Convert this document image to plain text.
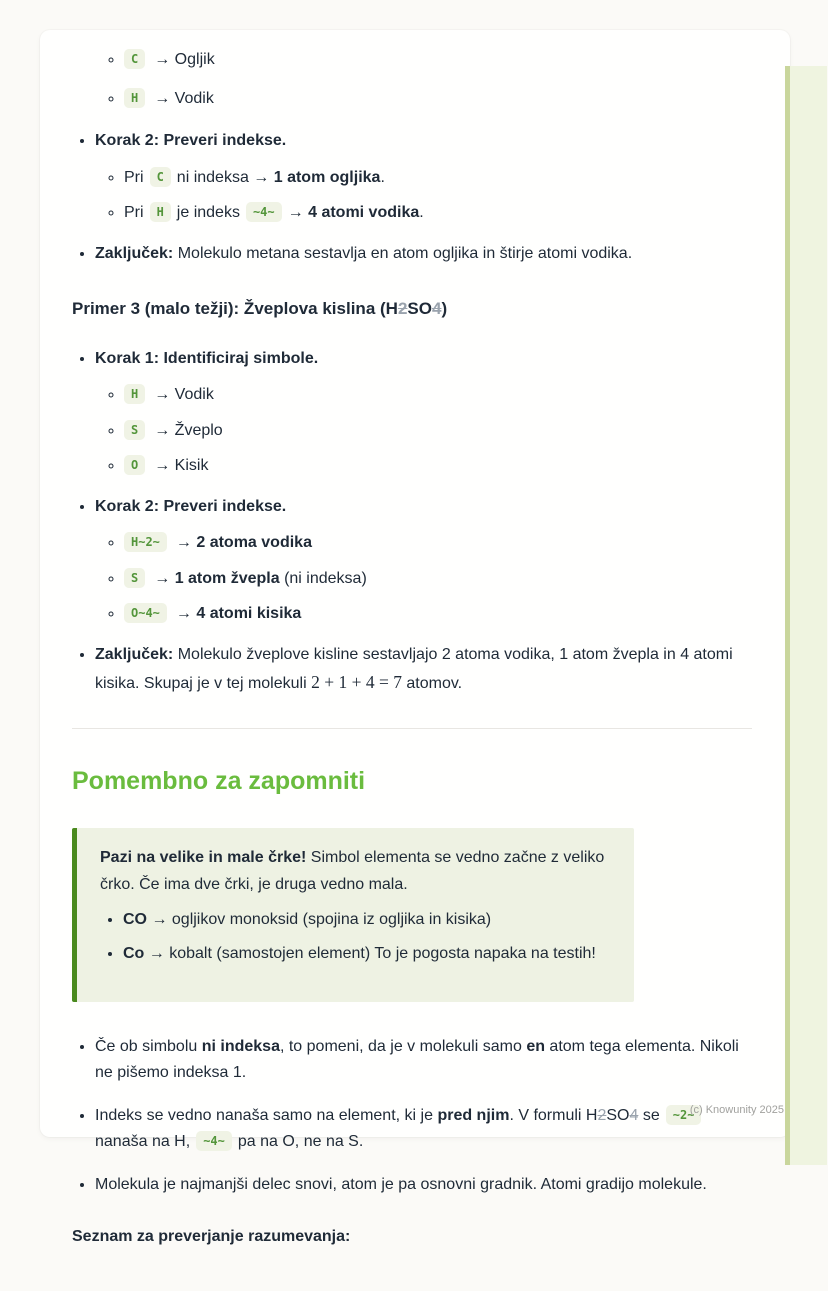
◦ C → Ogljik
◦ H → Vodik
• Korak 2: Preveri indekse.
◦ Pri C ni indeksa → 1 atom ogljika.
◦ Pri H je indeks ~4~ → 4 atomi vodika.
• Zaključek: Molekulo metana sestavlja en atom ogljika in štirje atomi vodika.
Primer 3 (malo težji): Žveplova kislina (H2SO4)
• Korak 1: Identificiraj simbole.
◦ H → Vodik
◦ S → Žveplo
◦ O → Kisik
• Korak 2: Preveri indekse.
◦ H~2~ → 2 atoma vodika
◦ S → 1 atom žvepla (ni indeksa)
◦ O~4~ → 4 atomi kisika
• Zaključek: Molekulo žveplove kisline sestavljajo 2 atoma vodika, 1 atom žvepla in 4 atomi kisika. Skupaj je v tej molekuli 2 + 1 + 4 = 7 atomov.
Pomembno za zapomniti

Pazi na velike in male črke! Simbol elementa se vedno začne z veliko črko. Če ima dve črki, je druga vedno mala.

• CO → ogljikov monoksid (spojina iz ogljika in kisika)
• Co → kobalt (samostojen element) To je pogosta napaka na testih!
• Če ob simbolu ni indeksa, to pomeni, da je v molekuli samo en atom tega elementa. Nikoli ne pišemo indeksa 1.
• Indeks se vedno nanaša samo na element, ki je pred njim. V formuli H2SO4 se ~2~nanaša na H, ~4~ pa na O, ne na S.
• Molekula je najmanjši delec snovi, atom je pa osnovni gradnik. Atomi gradijo molekule.

Seznam za preverjanje razumevanja:

(c) Knowunity 2025
